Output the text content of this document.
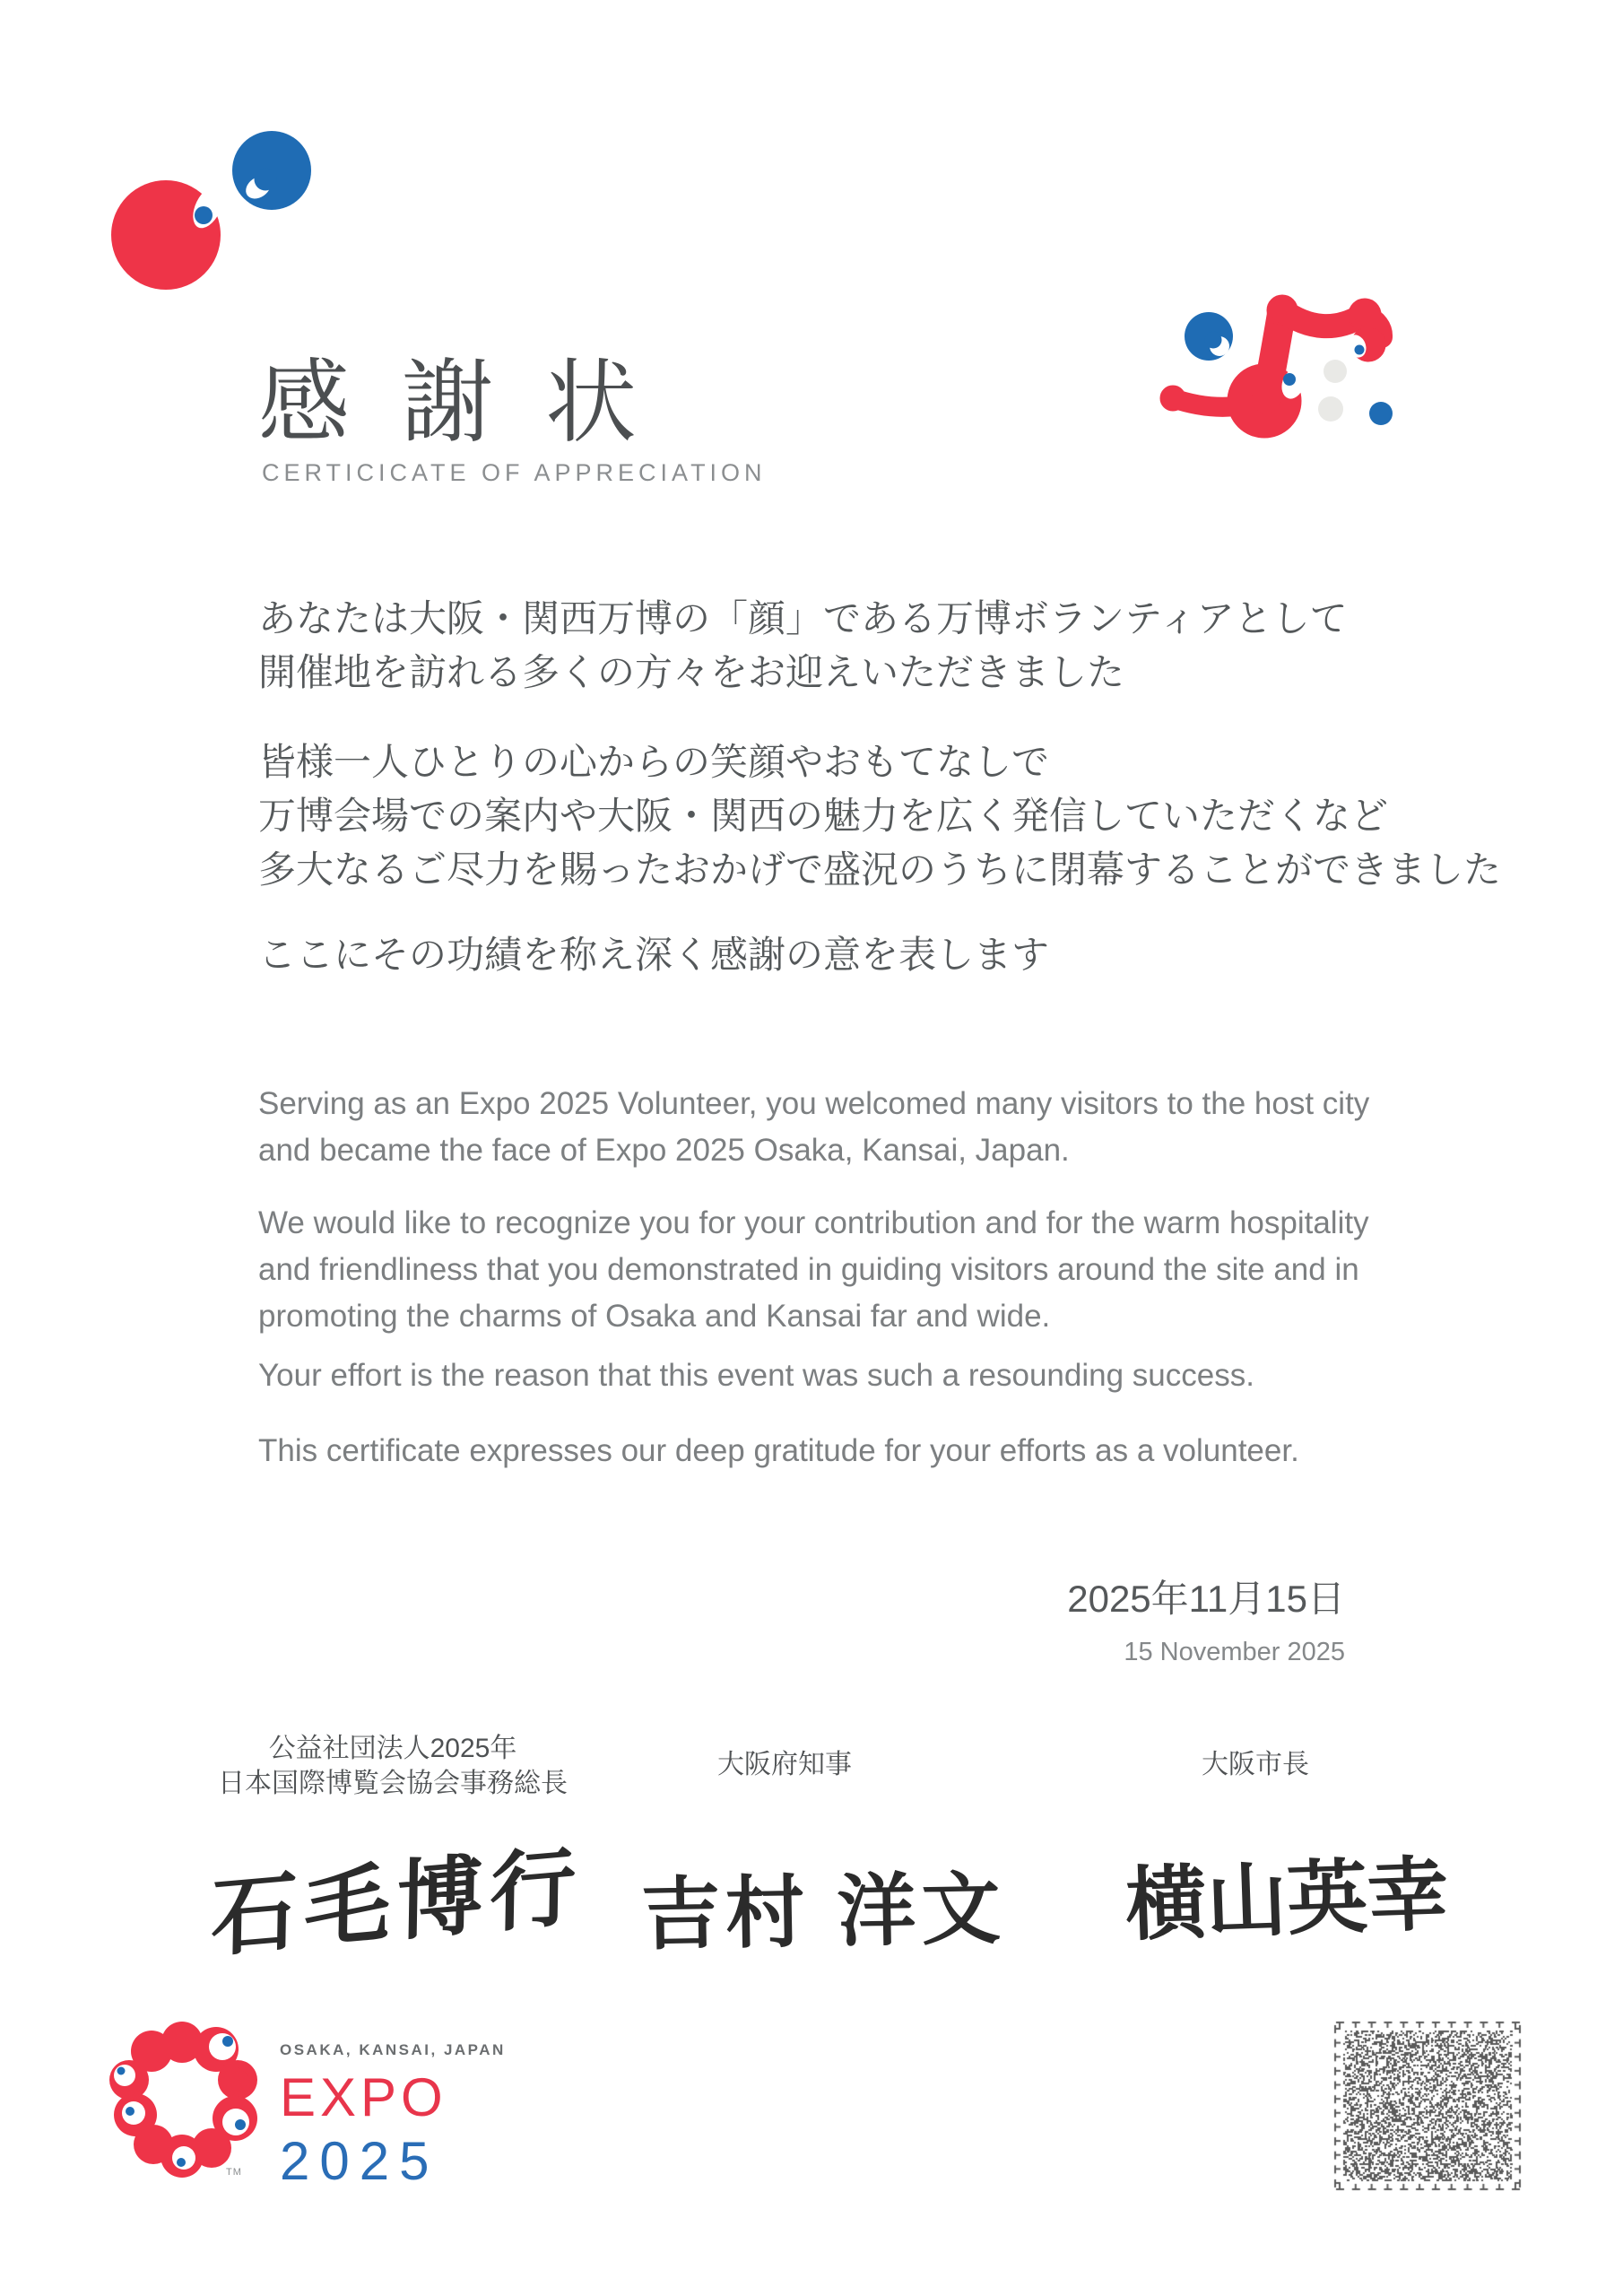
感謝状
CERTICICATE OF APPRECIATION
あなたは大阪・関西万博の「顔」である万博ボランティアとして
開催地を訪れる多くの方々をお迎えいただきました
皆様一人ひとりの心からの笑顔やおもてなしで
万博会場での案内や大阪・関西の魅力を広く発信していただくなど
多大なるご尽力を賜ったおかげで盛況のうちに閉幕することができました
ここにその功績を称え深く感謝の意を表します
Serving as an Expo 2025 Volunteer, you welcomed many visitors to the host city and became the face of Expo 2025 Osaka, Kansai, Japan.
We would like to recognize you for your contribution and for the warm hospitality and friendliness that you demonstrated in guiding visitors around the site and in promoting the charms of Osaka and Kansai far and wide.
Your effort is the reason that this event was such a resounding success.
This certificate expresses our deep gratitude for your efforts as a volunteer.
2025年11月15日
15 November 2025
公益社団法人2025年
日本国際博覧会協会事務総長
大阪府知事	大阪市長
石毛博行 吉村 洋文 横山英幸
TM
OSAKA, KANSAI, JAPAN
EXPO
2025
